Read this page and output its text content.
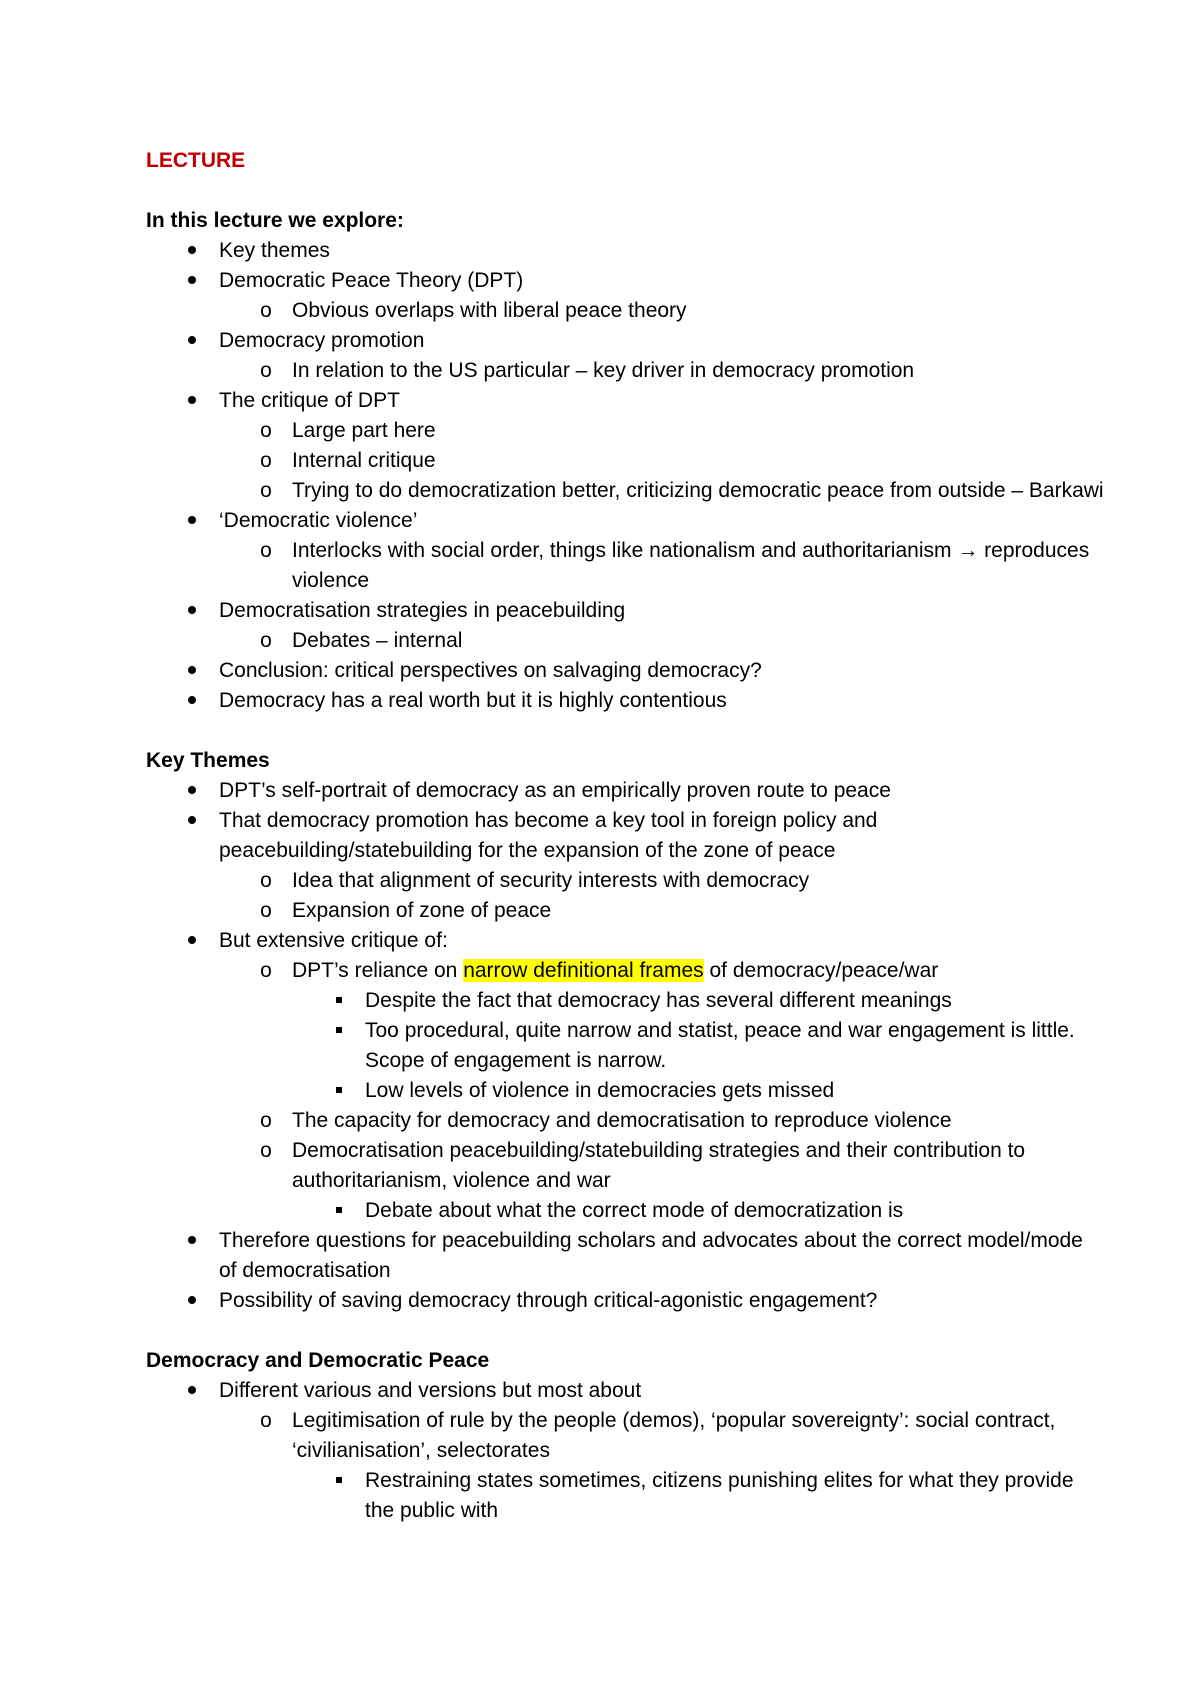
LECTURE

In this lecture we explore:

Key themes
Democratic Peace Theory (DPT)
o Obvious overlaps with liberal peace theory
Democracy promotion
o In relation to the US particular – key driver in democracy promotion
The critique of DPT
o Large part here
o Internal critique
o Trying to do democratization better, criticizing democratic peace from outside – Barkawi
‘Democratic violence’
o Interlocks with social order, things like nationalism and authoritarianism → reproduces violence
Democratisation strategies in peacebuilding
o Debates – internal
Conclusion: critical perspectives on salvaging democracy?
Democracy has a real worth but it is highly contentious

Key Themes

DPT’s self-portrait of democracy as an empirically proven route to peace
That democracy promotion has become a key tool in foreign policy and peacebuilding/statebuilding for the expansion of the zone of peace
o Idea that alignment of security interests with democracy
o Expansion of zone of peace
But extensive critique of:
o DPT’s reliance on narrow definitional frames of democracy/peace/war
Despite the fact that democracy has several different meanings
Too procedural, quite narrow and statist, peace and war engagement is little. Scope of engagement is narrow.
Low levels of violence in democracies gets missed
o The capacity for democracy and democratisation to reproduce violence
o Democratisation peacebuilding/statebuilding strategies and their contribution to authoritarianism, violence and war
Debate about what the correct mode of democratization is
Therefore questions for peacebuilding scholars and advocates about the correct model/mode of democratisation
Possibility of saving democracy through critical-agonistic engagement?

Democracy and Democratic Peace

Different various and versions but most about
o Legitimisation of rule by the people (demos), ‘popular sovereignty’: social contract, ‘civilianisation’, selectorates
Restraining states sometimes, citizens punishing elites for what they provide the public with
